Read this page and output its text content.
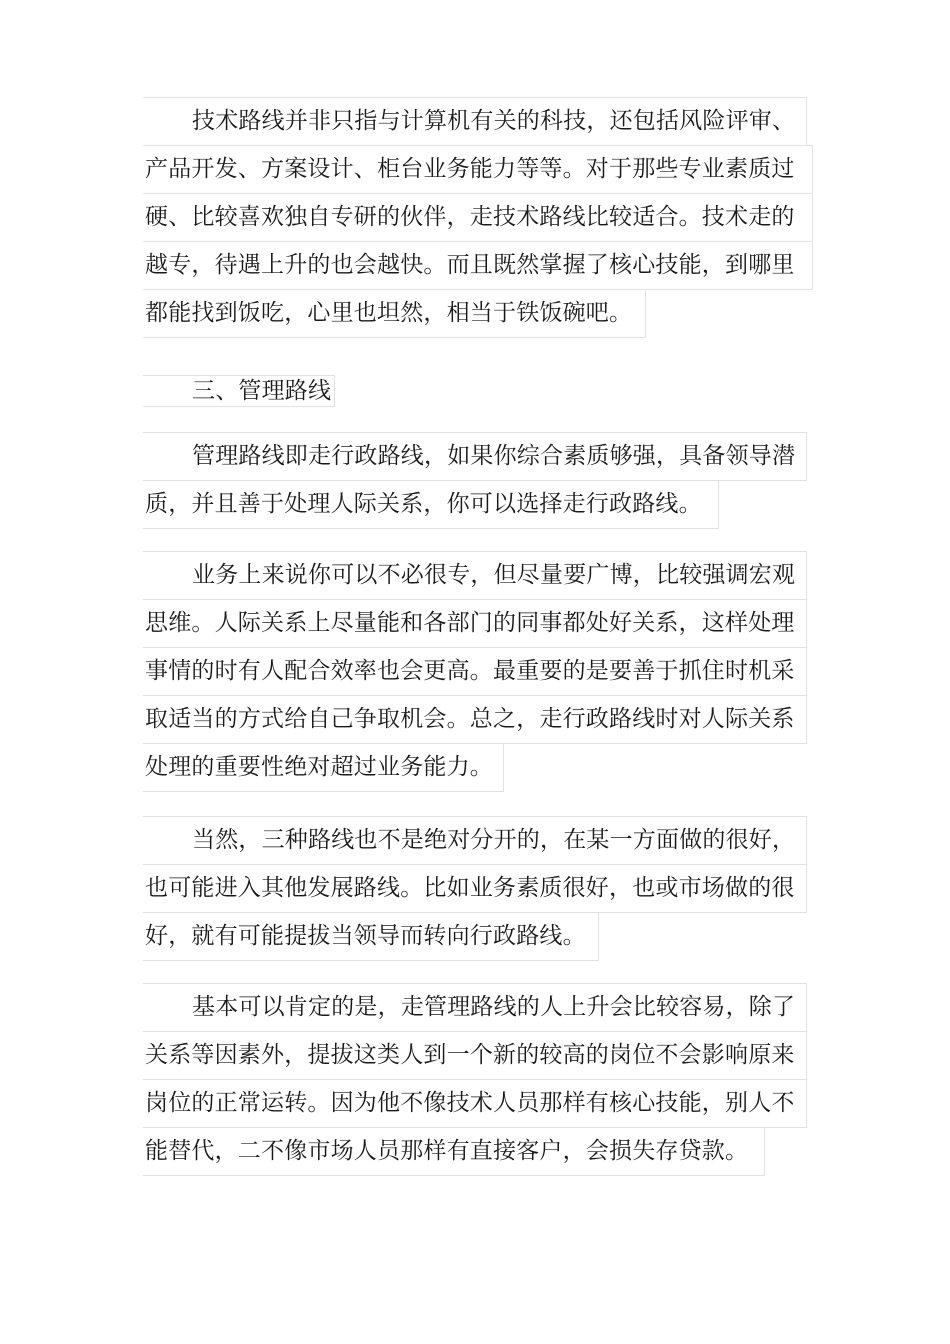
技术路线并非只指与计算机有关的科技，还包括风险评审、
产品开发、方案设计、柜台业务能力等等。对于那些专业素质过
硬、比较喜欢独自专研的伙伴，走技术路线比较适合。技术走的
越专，待遇上升的也会越快。而且既然掌握了核心技能，到哪里
都能找到饭吃，心里也坦然，相当于铁饭碗吧。
三、管理路线
管理路线即走行政路线，如果你综合素质够强，具备领导潜
质，并且善于处理人际关系，你可以选择走行政路线。
业务上来说你可以不必很专，但尽量要广博，比较强调宏观
思维。人际关系上尽量能和各部门的同事都处好关系，这样处理
事情的时有人配合效率也会更高。最重要的是要善于抓住时机采
取适当的方式给自己争取机会。总之，走行政路线时对人际关系
处理的重要性绝对超过业务能力。
当然，三种路线也不是绝对分开的，在某一方面做的很好，
也可能进入其他发展路线。比如业务素质很好，也或市场做的很
好，就有可能提拔当领导而转向行政路线。
基本可以肯定的是，走管理路线的人上升会比较容易，除了
关系等因素外，提拔这类人到一个新的较高的岗位不会影响原来
岗位的正常运转。因为他不像技术人员那样有核心技能，别人不
能替代，二不像市场人员那样有直接客户，会损失存贷款。
